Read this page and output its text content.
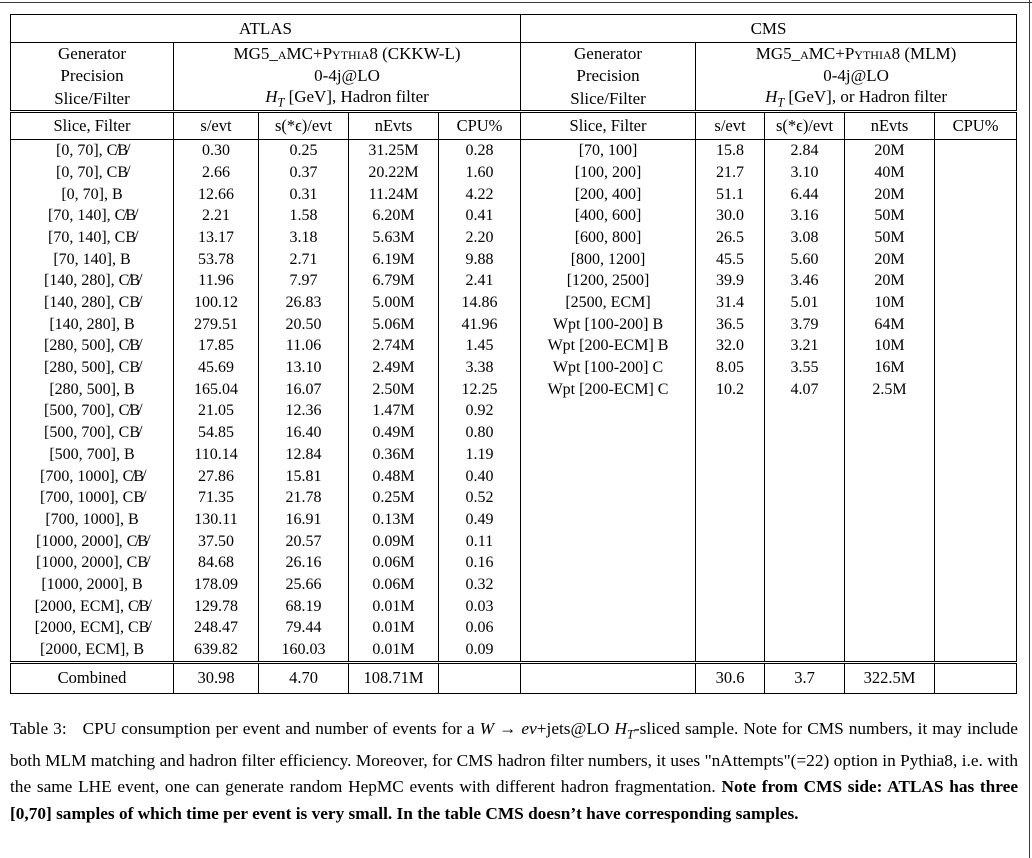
ATLAS					CMS				
Generator	MG5_aMC+Pythia8 (CKKW-L)				Generator	MG5_aMC+Pythia8 (MLM)			
Precision	0-4j@LO				Precision	0-4j@LO			
Slice/Filter	$H_T$ [GeV], Hadron filter				Slice/Filter	$H_T$ [GeV], or Hadron filter			
Slice, Filter	s/evt	s(*ϵ)/evt	nEvts	CPU%	Slice, Filter	s/evt	s(*ϵ)/evt	nEvts	CPU%
[0, 70], C̸B̸	0.30	0.25	31.25M	0.28	[70, 100]	15.8	2.84	20M	
[0, 70], CB̸	2.66	0.37	20.22M	1.60	[100, 200]	21.7	3.10	40M	
[0, 70], B	12.66	0.31	11.24M	4.22	[200, 400]	51.1	6.44	20M	
[70, 140], C̸B̸	2.21	1.58	6.20M	0.41	[400, 600]	30.0	3.16	50M	
[70, 140], CB̸	13.17	3.18	5.63M	2.20	[600, 800]	26.5	3.08	50M	
[70, 140], B	53.78	2.71	6.19M	9.88	[800, 1200]	45.5	5.60	20M	
[140, 280], C̸B̸	11.96	7.97	6.79M	2.41	[1200, 2500]	39.9	3.46	20M	
[140, 280], CB̸	100.12	26.83	5.00M	14.86	[2500, ECM]	31.4	5.01	10M	
[140, 280], B	279.51	20.50	5.06M	41.96	Wpt [100-200] B	36.5	3.79	64M	
[280, 500], C̸B̸	17.85	11.06	2.74M	1.45	Wpt [200-ECM] B	32.0	3.21	10M	
[280, 500], CB̸	45.69	13.10	2.49M	3.38	Wpt [100-200] C	8.05	3.55	16M	
[280, 500], B	165.04	16.07	2.50M	12.25	Wpt [200-ECM] C	10.2	4.07	2.5M	
[500, 700], C̸B̸	21.05	12.36	1.47M	0.92					
[500, 700], CB̸	54.85	16.40	0.49M	0.80					
[500, 700], B	110.14	12.84	0.36M	1.19					
[700, 1000], C̸B̸	27.86	15.81	0.48M	0.40					
[700, 1000], CB̸	71.35	21.78	0.25M	0.52					
[700, 1000], B	130.11	16.91	0.13M	0.49					
[1000, 2000], C̸B̸	37.50	20.57	0.09M	0.11					
[1000, 2000], CB̸	84.68	26.16	0.06M	0.16					
[1000, 2000], B	178.09	25.66	0.06M	0.32					
[2000, ECM], C̸B̸	129.78	68.19	0.01M	0.03					
[2000, ECM], CB̸	248.47	79.44	0.01M	0.06					
[2000, ECM], B	639.82	160.03	0.01M	0.09					
Combined	30.98	4.70	108.71M			30.6	3.7	322.5M	
Table 3: CPU consumption per event and number of events for a W → eν+jets@LO $H_T$-sliced sample. Note for CMS numbers, it may include both MLM matching and hadron filter efficiency. Moreover, for CMS hadron filter numbers, it uses "nAttempts"(=22) option in Pythia8, i.e. with the same LHE event, one can generate random HepMC events with different hadron fragmentation. Note from CMS side: ATLAS has three [0,70] samples of which time per event is very small. In the table CMS doesn’t have corresponding samples.
